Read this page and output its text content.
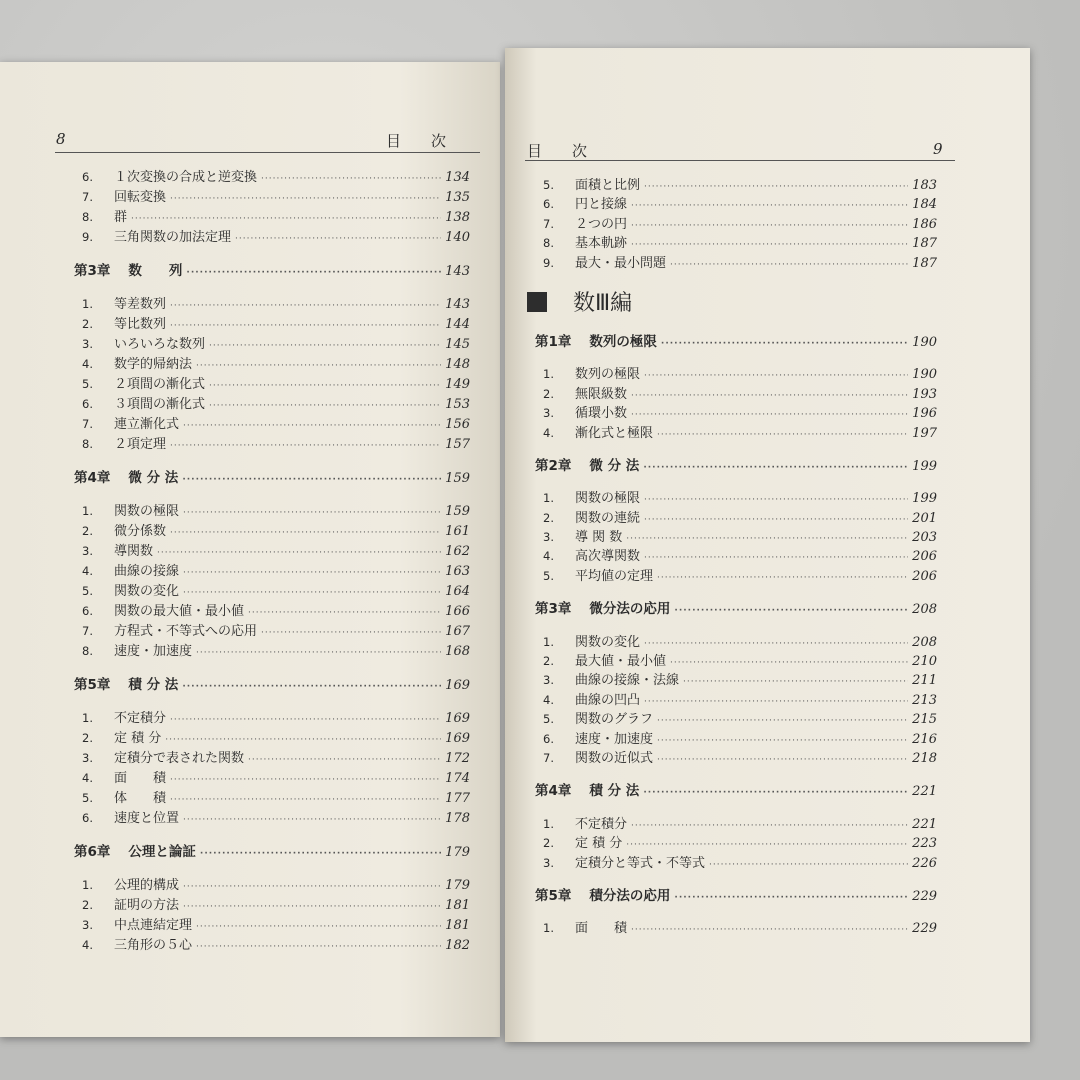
8	目次
6.	１次変換の合成と逆変換 ·····	134
7.	回転変換 ·····	135
8.	群 ·····	138
9.	三角関数の加法定理 ·····	140
第3章 数　　列 ·····	143
1.	等差数列 ·····	143
2.	等比数列 ·····	144
3.	いろいろな数列 ·····	145
4.	数学的帰納法 ·····	148
5.	２項間の漸化式 ·····	149
6.	３項間の漸化式 ·····	153
7.	連立漸化式 ·····	156
8.	２項定理 ·····	157
第4章 微 分 法 ·····	159
1.	関数の極限 ·····	159
2.	微分係数 ·····	161
3.	導関数 ·····	162
4.	曲線の接線 ·····	163
5.	関数の変化 ·····	164
6.	関数の最大値・最小値 ·····	166
7.	方程式・不等式への応用 ·····	167
8.	速度・加速度 ·····	168
第5章 積 分 法 ·····	169
1.	不定積分 ·····	169
2.	定 積 分 ·····	169
3.	定積分で表された関数 ·····	172
4.	面　　積 ·····	174
5.	体　　積 ·····	177
6.	速度と位置 ·····	178
第6章 公理と論証 ·····	179
1.	公理的構成 ·····	179
2.	証明の方法 ·····	181
3.	中点連結定理 ·····	181
4.	三角形の５心 ·····	182
目次	9
5.	面積と比例 ·····	183
6.	円と接線 ·····	184
7.	２つの円 ·····	186
8.	基本軌跡 ·····	187
9.	最大・最小問題 ·····	187
数Ⅲ編
第1章 数列の極限 ·····	190
1.	数列の極限 ·····	190
2.	無限級数 ·····	193
3.	循環小数 ·····	196
4.	漸化式と極限 ·····	197
第2章 微 分 法 ·····	199
1.	関数の極限 ·····	199
2.	関数の連続 ·····	201
3.	導 関 数 ·····	203
4.	高次導関数 ·····	206
5.	平均値の定理 ·····	206
第3章 微分法の応用 ·····	208
1.	関数の変化 ·····	208
2.	最大値・最小値 ·····	210
3.	曲線の接線・法線 ·····	211
4.	曲線の凹凸 ·····	213
5.	関数のグラフ ·····	215
6.	速度・加速度 ·····	216
7.	関数の近似式 ·····	218
第4章 積 分 法 ·····	221
1.	不定積分 ·····	221
2.	定 積 分 ·····	223
3.	定積分と等式・不等式 ·····	226
第5章 積分法の応用 ·····	229
1.	面　　積 ·····	229
